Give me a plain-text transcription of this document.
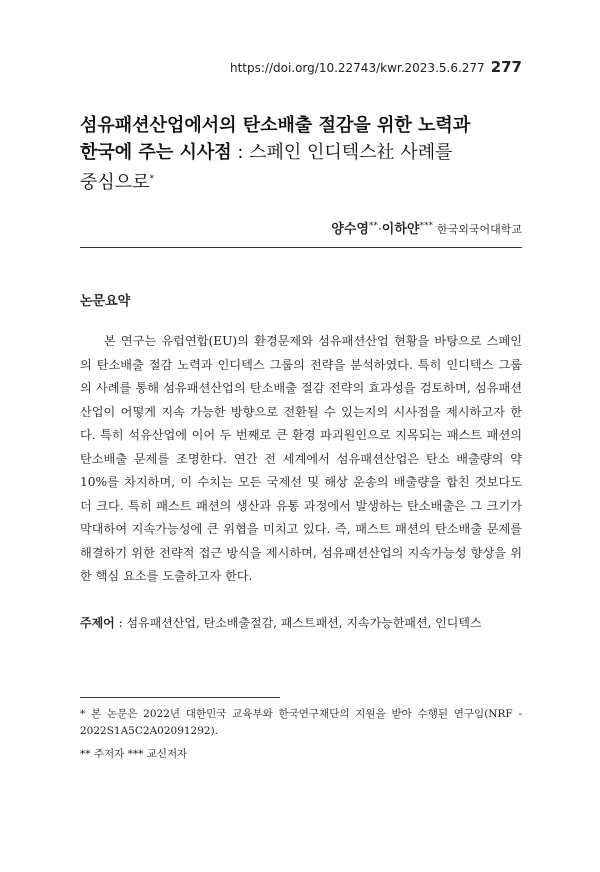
https://doi.org/10.22743/kwr.2023.5.6.277 277
섬유패션산업에서의 탄소배출 절감을 위한 노력과
한국에 주는 시사점 : 스페인 인디텍스社 사례를
중심으로*
양수영**·이하얀*** 한국외국어대학교
논문요약

본 연구는 유럽연합(EU)의 환경문제와 섬유패션산업 현황을 바탕으로 스페인의 탄소배출 절감 노력과 인디텍스 그룹의 전략을 분석하였다. 특히 인디텍스 그룹의 사례를 통해 섬유패션산업의 탄소배출 절감 전략의 효과성을 검토하며, 섬유패션산업이 어떻게 지속 가능한 방향으로 전환될 수 있는지의 시사점을 제시하고자 한다. 특히 석유산업에 이어 두 번째로 큰 환경 파괴원인으로 지목되는 패스트 패션의 탄소배출 문제를 조명한다. 연간 전 세계에서 섬유패션산업은 탄소 배출량의 약 10%를 차지하며, 이 수치는 모든 국제선 및 해상 운송의 배출량을 합친 것보다도 더 크다. 특히 패스트 패션의 생산과 유통 과정에서 발생하는 탄소배출은 그 크기가 막대하여 지속가능성에 큰 위협을 미치고 있다. 즉, 패스트 패션의 탄소배출 문제를 해결하기 위한 전략적 접근 방식을 제시하며, 섬유패션산업의 지속가능성 향상을 위한 핵심 요소를 도출하고자 한다.

주제어 : 섬유패션산업, 탄소배출절감, 패스트패션, 지속가능한패션, 인디텍스
* 본 논문은 2022년 대한민국 교육부와 한국연구재단의 지원을 받아 수행된 연구임(NRF - 2022S1A5C2A02091292).
** 주저자 *** 교신저자
